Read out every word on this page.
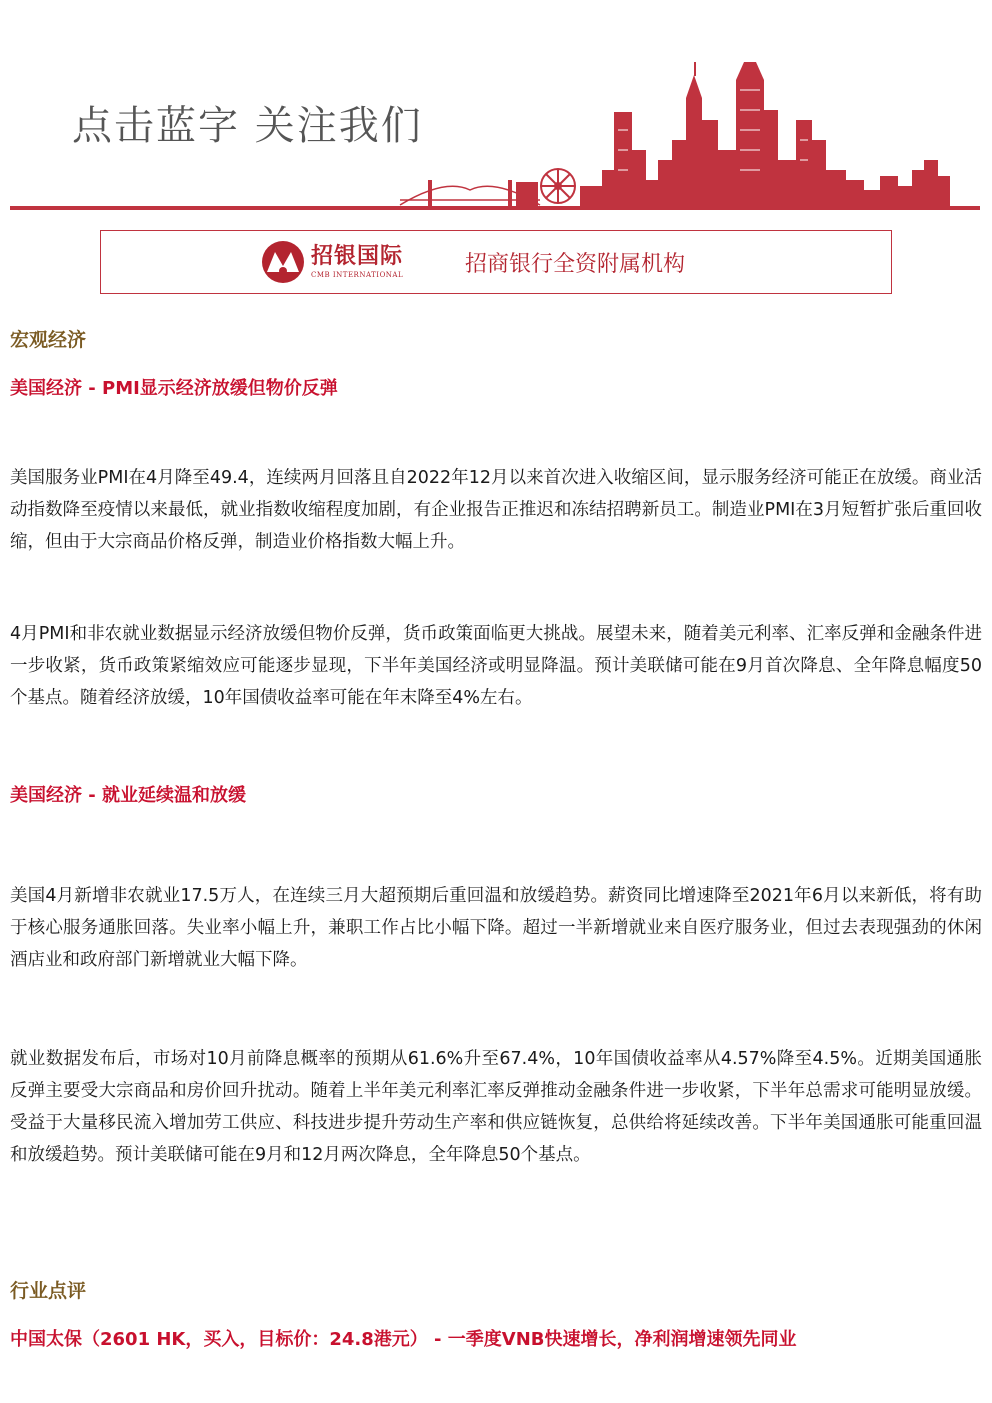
点击蓝字 关注我们
招银国际
CMB INTERNATIONAL	招商银行全资附属机构
宏观经济
美国经济 - PMI显示经济放缓但物价反弹

美国服务业PMI在4月降至49.4，连续两月回落且自2022年12月以来首次进入收缩区间，显示服务经济可能正在放缓。商业活动指数降至疫情以来最低，就业指数收缩程度加剧，有企业报告正推迟和冻结招聘新员工。制造业PMI在3月短暂扩张后重回收缩，但由于大宗商品价格反弹，制造业价格指数大幅上升。

4月PMI和非农就业数据显示经济放缓但物价反弹，货币政策面临更大挑战。展望未来，随着美元利率、汇率反弹和金融条件进一步收紧，货币政策紧缩效应可能逐步显现，下半年美国经济或明显降温。预计美联储可能在9月首次降息、全年降息幅度50个基点。随着经济放缓，10年国债收益率可能在年末降至4%左右。

美国经济 - 就业延续温和放缓

美国4月新增非农就业17.5万人，在连续三月大超预期后重回温和放缓趋势。薪资同比增速降至2021年6月以来新低，将有助于核心服务通胀回落。失业率小幅上升，兼职工作占比小幅下降。超过一半新增就业来自医疗服务业，但过去表现强劲的休闲酒店业和政府部门新增就业大幅下降。

就业数据发布后，市场对10月前降息概率的预期从61.6%升至67.4%，10年国债收益率从4.57%降至4.5%。近期美国通胀反弹主要受大宗商品和房价回升扰动。随着上半年美元利率汇率反弹推动金融条件进一步收紧，下半年总需求可能明显放缓。受益于大量移民流入增加劳工供应、科技进步提升劳动生产率和供应链恢复，总供给将延续改善。下半年美国通胀可能重回温和放缓趋势。预计美联储可能在9月和12月两次降息，全年降息50个基点。

行业点评
中国太保（2601 HK，买入，目标价：24.8港元） - 一季度VNB快速增长，净利润增速领先同业
